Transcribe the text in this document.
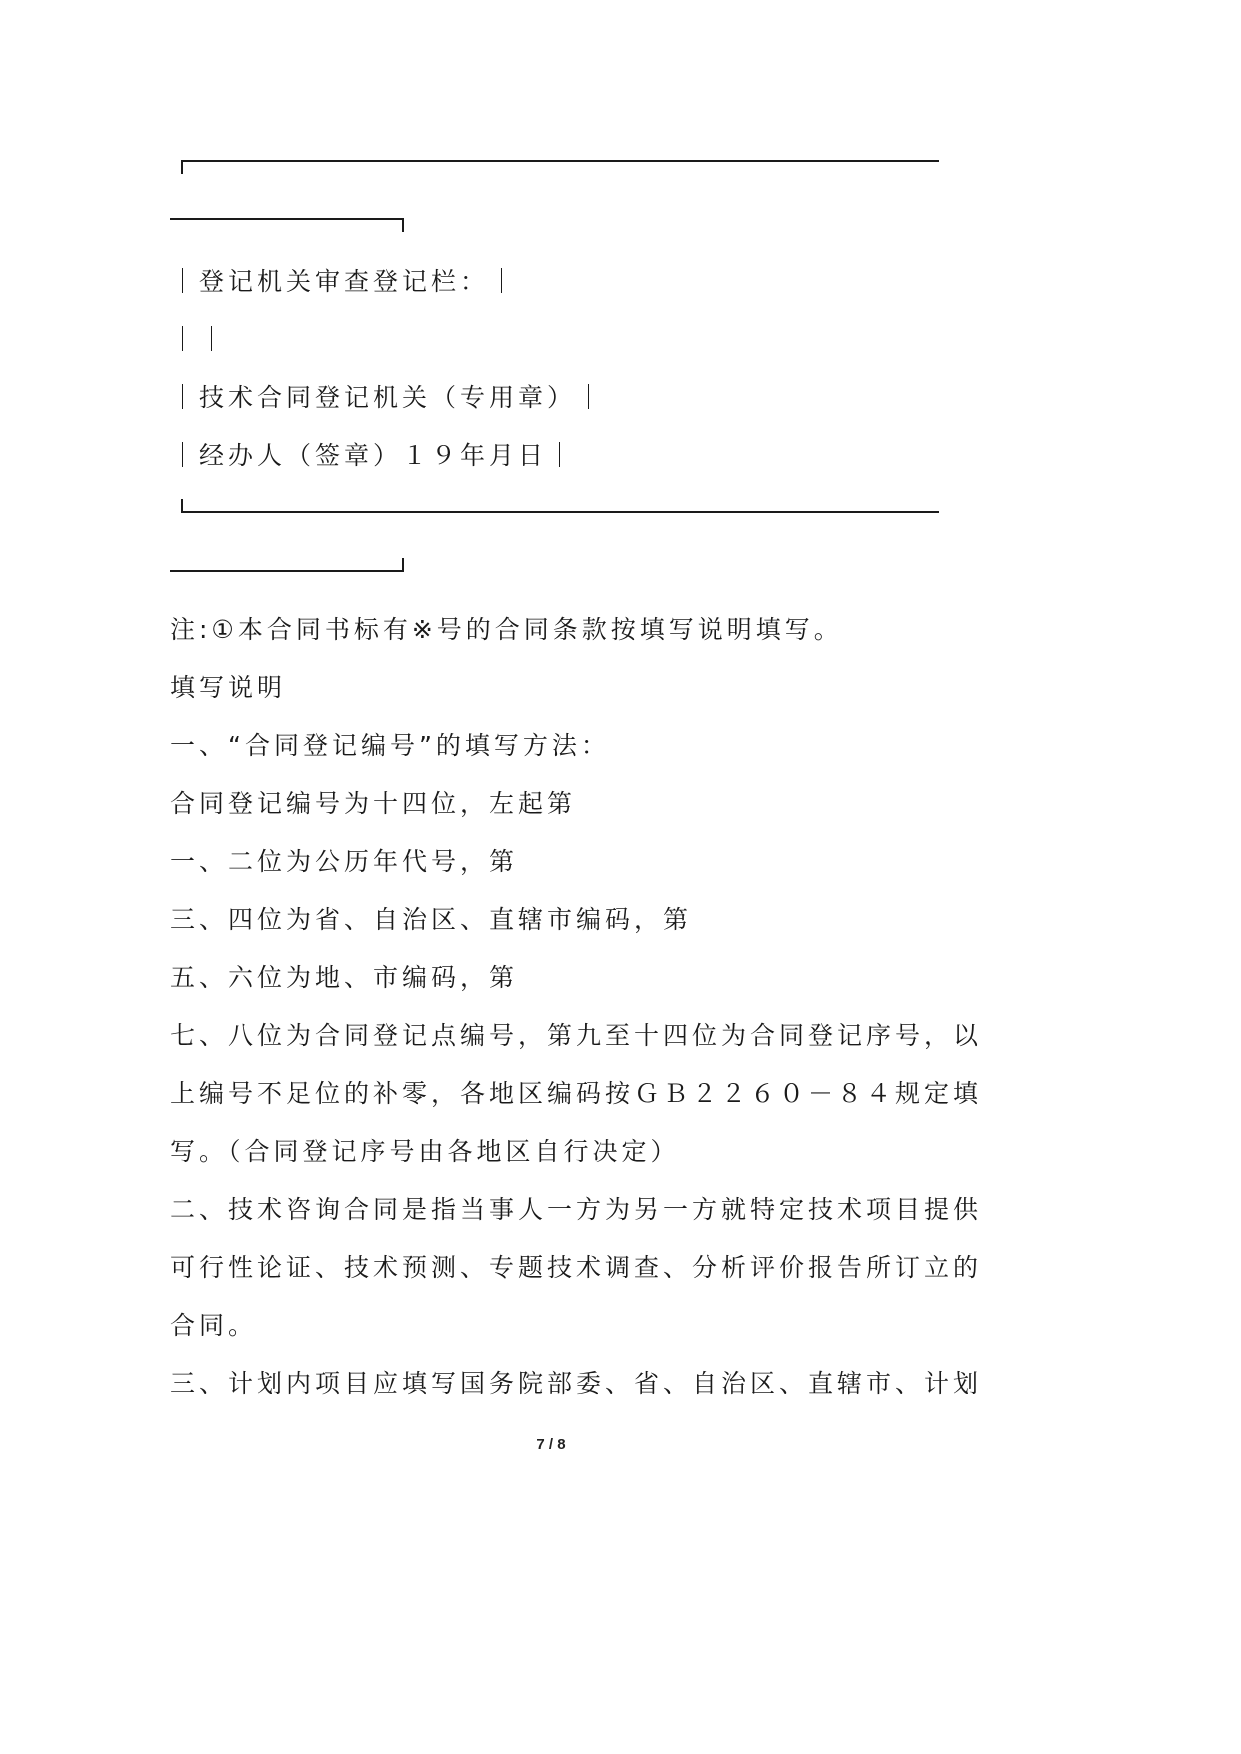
｜登记机关审查登记栏：｜

｜｜

｜技术合同登记机关（专用章）｜

｜经办人（签章）１９年月日｜

注:①本合同书标有※号的合同条款按填写说明填写。

填写说明

一、“合同登记编号”的填写方法：

合同登记编号为十四位，左起第

一、二位为公历年代号，第

三、四位为省、自治区、直辖市编码，第

五、六位为地、市编码，第

七、八位为合同登记点编号，第九至十四位为合同登记序号，以

上编号不足位的补零，各地区编码按ＧＢ２２６０－８４规定填

写。（合同登记序号由各地区自行决定）

二、技术咨询合同是指当事人一方为另一方就特定技术项目提供

可行性论证、技术预测、专题技术调查、分析评价报告所订立的

合同。

三、计划内项目应填写国务院部委、省、自治区、直辖市、计划

7 / 8
